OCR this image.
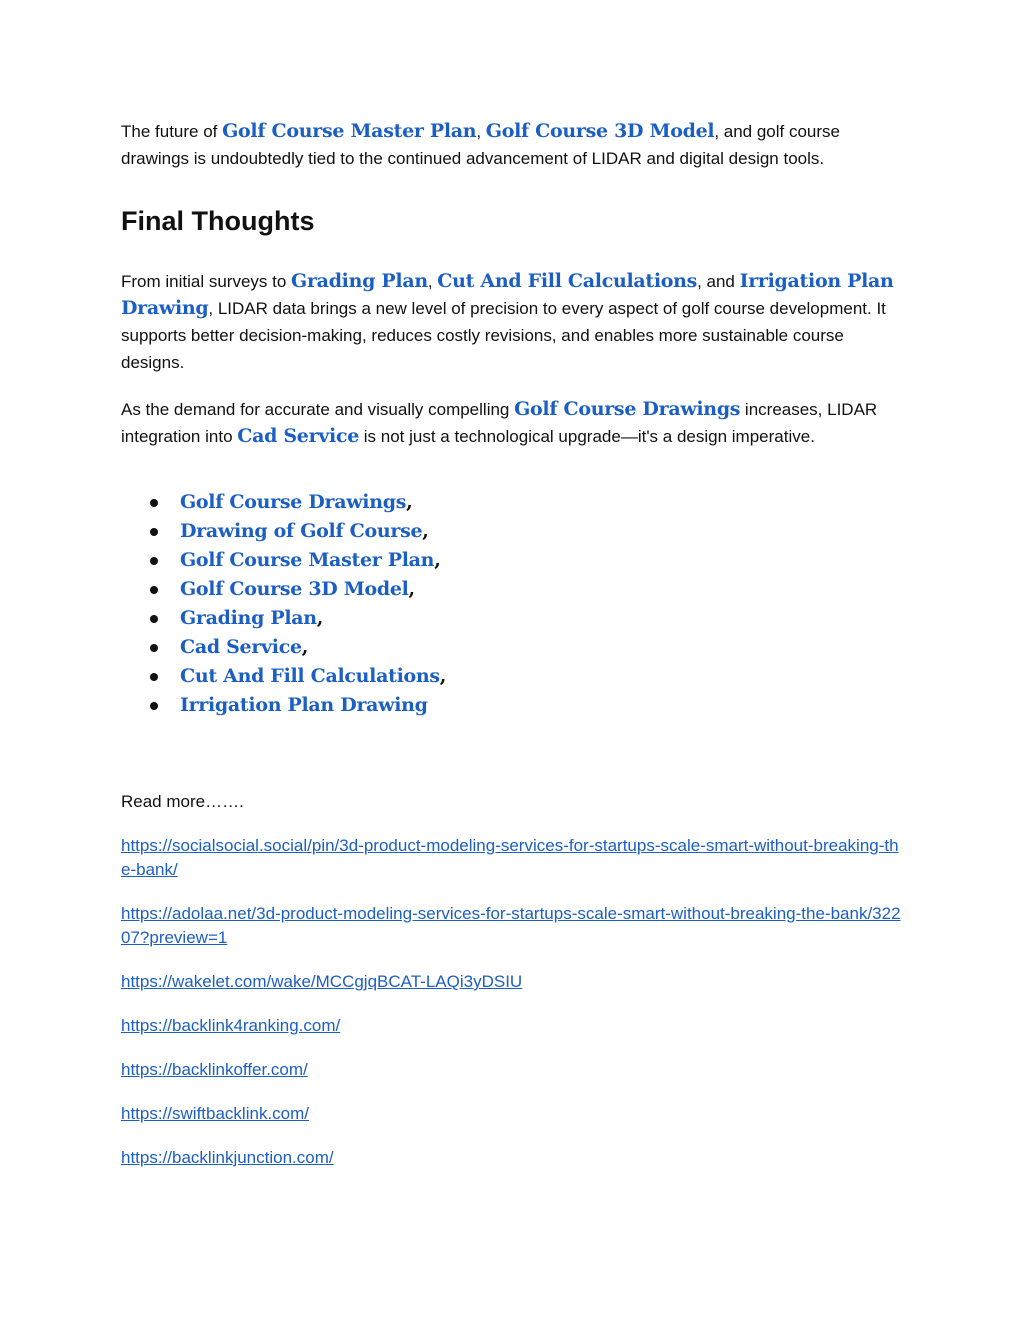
The future of Golf Course Master Plan, Golf Course 3D Model, and golf course drawings is undoubtedly tied to the continued advancement of LIDAR and digital design tools.

Final Thoughts

From initial surveys to Grading Plan, Cut And Fill Calculations, and Irrigation Plan Drawing, LIDAR data brings a new level of precision to every aspect of golf course development. It supports better decision-making, reduces costly revisions, and enables more sustainable course designs.

As the demand for accurate and visually compelling Golf Course Drawings increases, LIDAR integration into Cad Service is not just a technological upgrade—it's a design imperative.

Golf Course Drawings,
Drawing of Golf Course,
Golf Course Master Plan,
Golf Course 3D Model,
Grading Plan,
Cad Service,
Cut And Fill Calculations,
Irrigation Plan Drawing

Read more…….

https://socialsocial.social/pin/3d-product-modeling-services-for-startups-scale-smart-without-breaking-the-bank/
https://adolaa.net/3d-product-modeling-services-for-startups-scale-smart-without-breaking-the-bank/32207?preview=1
https://wakelet.com/wake/MCCgjqBCAT-LAQi3yDSIU
https://backlink4ranking.com/
https://backlinkoffer.com/
https://swiftbacklink.com/
https://backlinkjunction.com/
